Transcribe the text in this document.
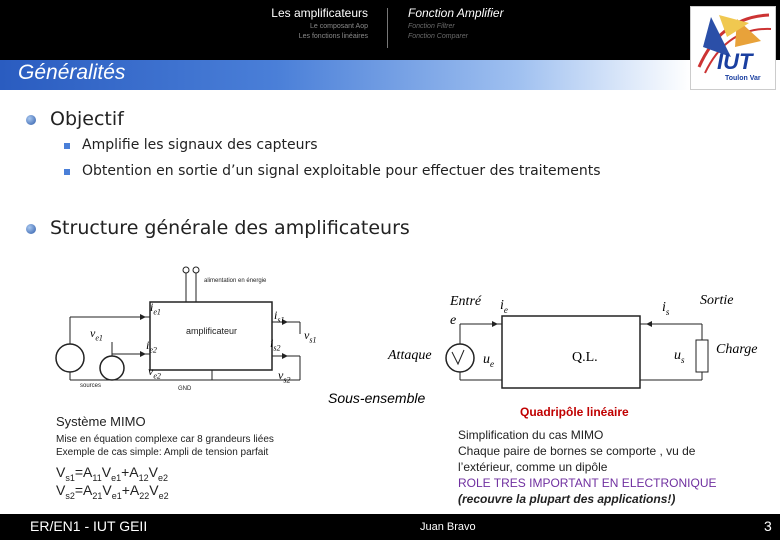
Les amplificateurs
Le composant Aop
Les fonctions linéaires
Fonction Amplifier
Fonction Filtrer
Fonction Comparer
Généralités	IUT
Toulon Var
Objectif
Amplifie les signaux des capteurs
Obtention en sortie d’un signal exploitable pour effectuer des traitements
Structure générale des amplificateurs
alimentation en énergie
amplificateur
$i_{e1}$
$v_{e1}$
$i_{e2}$
$v_{e2}$
$i_{s1}$
$i_{s2}$
$v_{s1}$
$v_{s2}$
sources	GND
Entré
e
$i_e$	$i_s$
Sortie
Attaque	$u_e$	Q.L.	$u_s$
Charge
Sous-ensemble
Quadripôle linéaire
Système MIMO
Mise en équation complexe car 8 grandeurs liées
Exemple de cas simple: Ampli de tension parfait
$V_{s1}=A_{11}V_{e1}+A_{12}V_{e2}$
$V_{s2}=A_{21}V_{e1}+A_{22}V_{e2}$
Simplification du cas MIMO
Chaque paire de bornes se comporte , vu de
l’extérieur, comme un dipôle
ROLE TRES IMPORTANT EN ELECTRONIQUE
(recouvre la plupart des applications!)
ER/EN1 - IUT GEII	Juan Bravo	3
